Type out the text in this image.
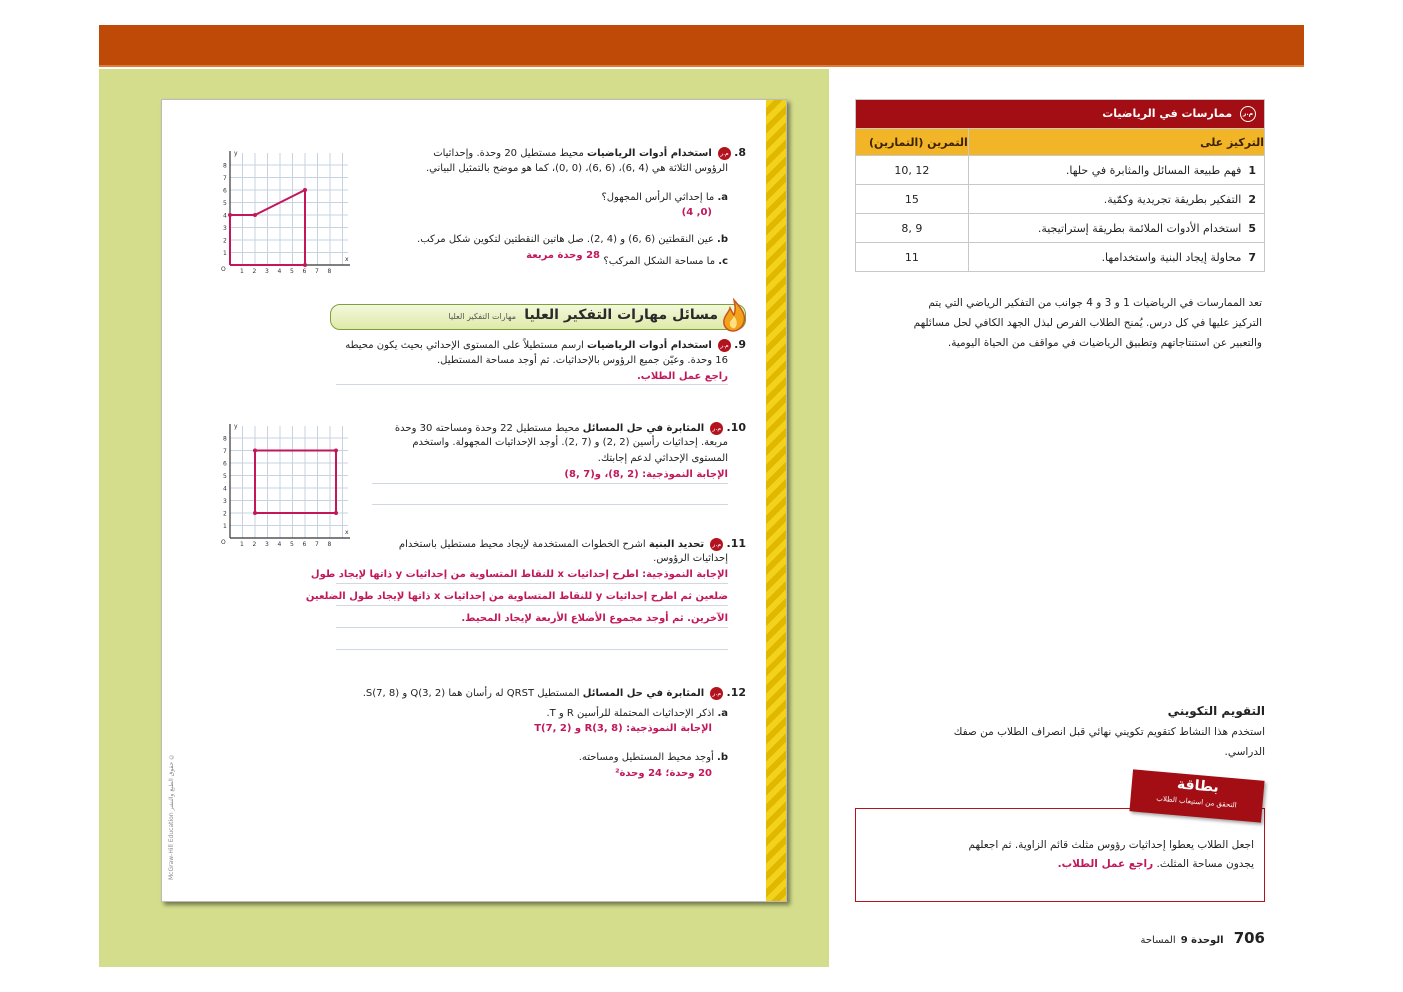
McGraw-Hill Education حقوق الطبع والنشر ©
O
y
x
1 2 3 4 5 6 7 8
1
2
3
4
5
6
7
8
O
y
x
1 2 3 4 5 6 7 8
1
2
3
4
5
6
7
8
8. م.ر استخدام أدوات الرياضيات محيط مستطيل 20 وحدة. وإحداثيات
الرؤوس الثلاثة هي (4 ,6)، (6 ,6)، (0 ,0)، كما هو موضح بالتمثيل البياني.
a. ما إحداثي الرأس المجهول؟
(0, 4)
b. عين النقطتين (6 ,6) و (4 ,2). صل هاتين النقطتين لتكوين شكل مركب.
c. ما مساحة الشكل المركب؟
28 وحدة مربعة
مسائل مهارات التفكير العليا
مهارات التفكير العليا
9. م.ر استخدام أدوات الرياضيات ارسم مستطيلاً على المستوى الإحداثي بحيث يكون محيطه
16 وحدة. وعيّن جميع الرؤوس بالإحداثيات. ثم أوجد مساحة المستطيل.
راجع عمل الطلاب.
10. م.ر المثابرة في حل المسائل محيط مستطيل 22 وحدة ومساحته 30 وحدة
مربعة. إحداثيات رأسين (2 ,2) و (7 ,2). أوجد الإحداثيات المجهولة. واستخدم
المستوى الإحداثي لدعم إجابتك.
الإجابة النموذجية: (2 ,8)، و(7 ,8)
11. م.ر تحديد البنية اشرح الخطوات المستخدمة لإيجاد محيط مستطيل باستخدام
إحداثيات الرؤوس.
الإجابة النموذجية: اطرح إحداثيات x للنقاط المتساوية من إحداثيات y ذاتها لإيجاد طول
ضلعين ثم اطرح إحداثيات y للنقاط المتساوية من إحداثيات x ذاتها لإيجاد طول الضلعين
الآخرين. ثم أوجد مجموع الأضلاع الأربعة لإيجاد المحيط.
12. م.ر المثابرة في حل المسائل المستطيل QRST له رأسان هما (2 ,3)Q و (8 ,7)S.
a. اذكر الإحداثيات المحتملة للرأسين R و T.
الإجابة النموذجية: (8 ,3)R و (2 ,7)T
b. أوجد محيط المستطيل ومساحته.
20 وحدة؛ 24 وحدة²
م.ر ممارسات في الرياضيات	
التركيز على	التمرين (التمارين)
1  فهم طبيعة المسائل والمثابرة في حلها.	10, 12
2  التفكير بطريقة تجريدية وكمّية.	15
5  استخدام الأدوات الملائمة بطريقة إستراتيجية.	8, 9
7  محاولة إيجاد البنية واستخدامها.	11
تعد الممارسات في الرياضيات 1 و 3 و 4 جوانب من التفكير الرياضي التي يتم
التركيز عليها في كل درس. يُمنح الطلاب الفرص لبذل الجهد الكافي لحل مسائلهم
والتعبير عن استنتاجاتهم وتطبيق الرياضيات في مواقف من الحياة اليومية.
التقويم التكويني
استخدم هذا النشاط كتقويم تكويني نهائي قبل انصراف الطلاب من صفك
الدراسي.
بطاقة
التحقق من استيعاب الطلاب
اجعل الطلاب يعطوا إحداثيات رؤوس مثلث قائم الزاوية. ثم اجعلهم
يجدون مساحة المثلث. راجع عمل الطلاب.
706  الوحدة 9 المساحة
